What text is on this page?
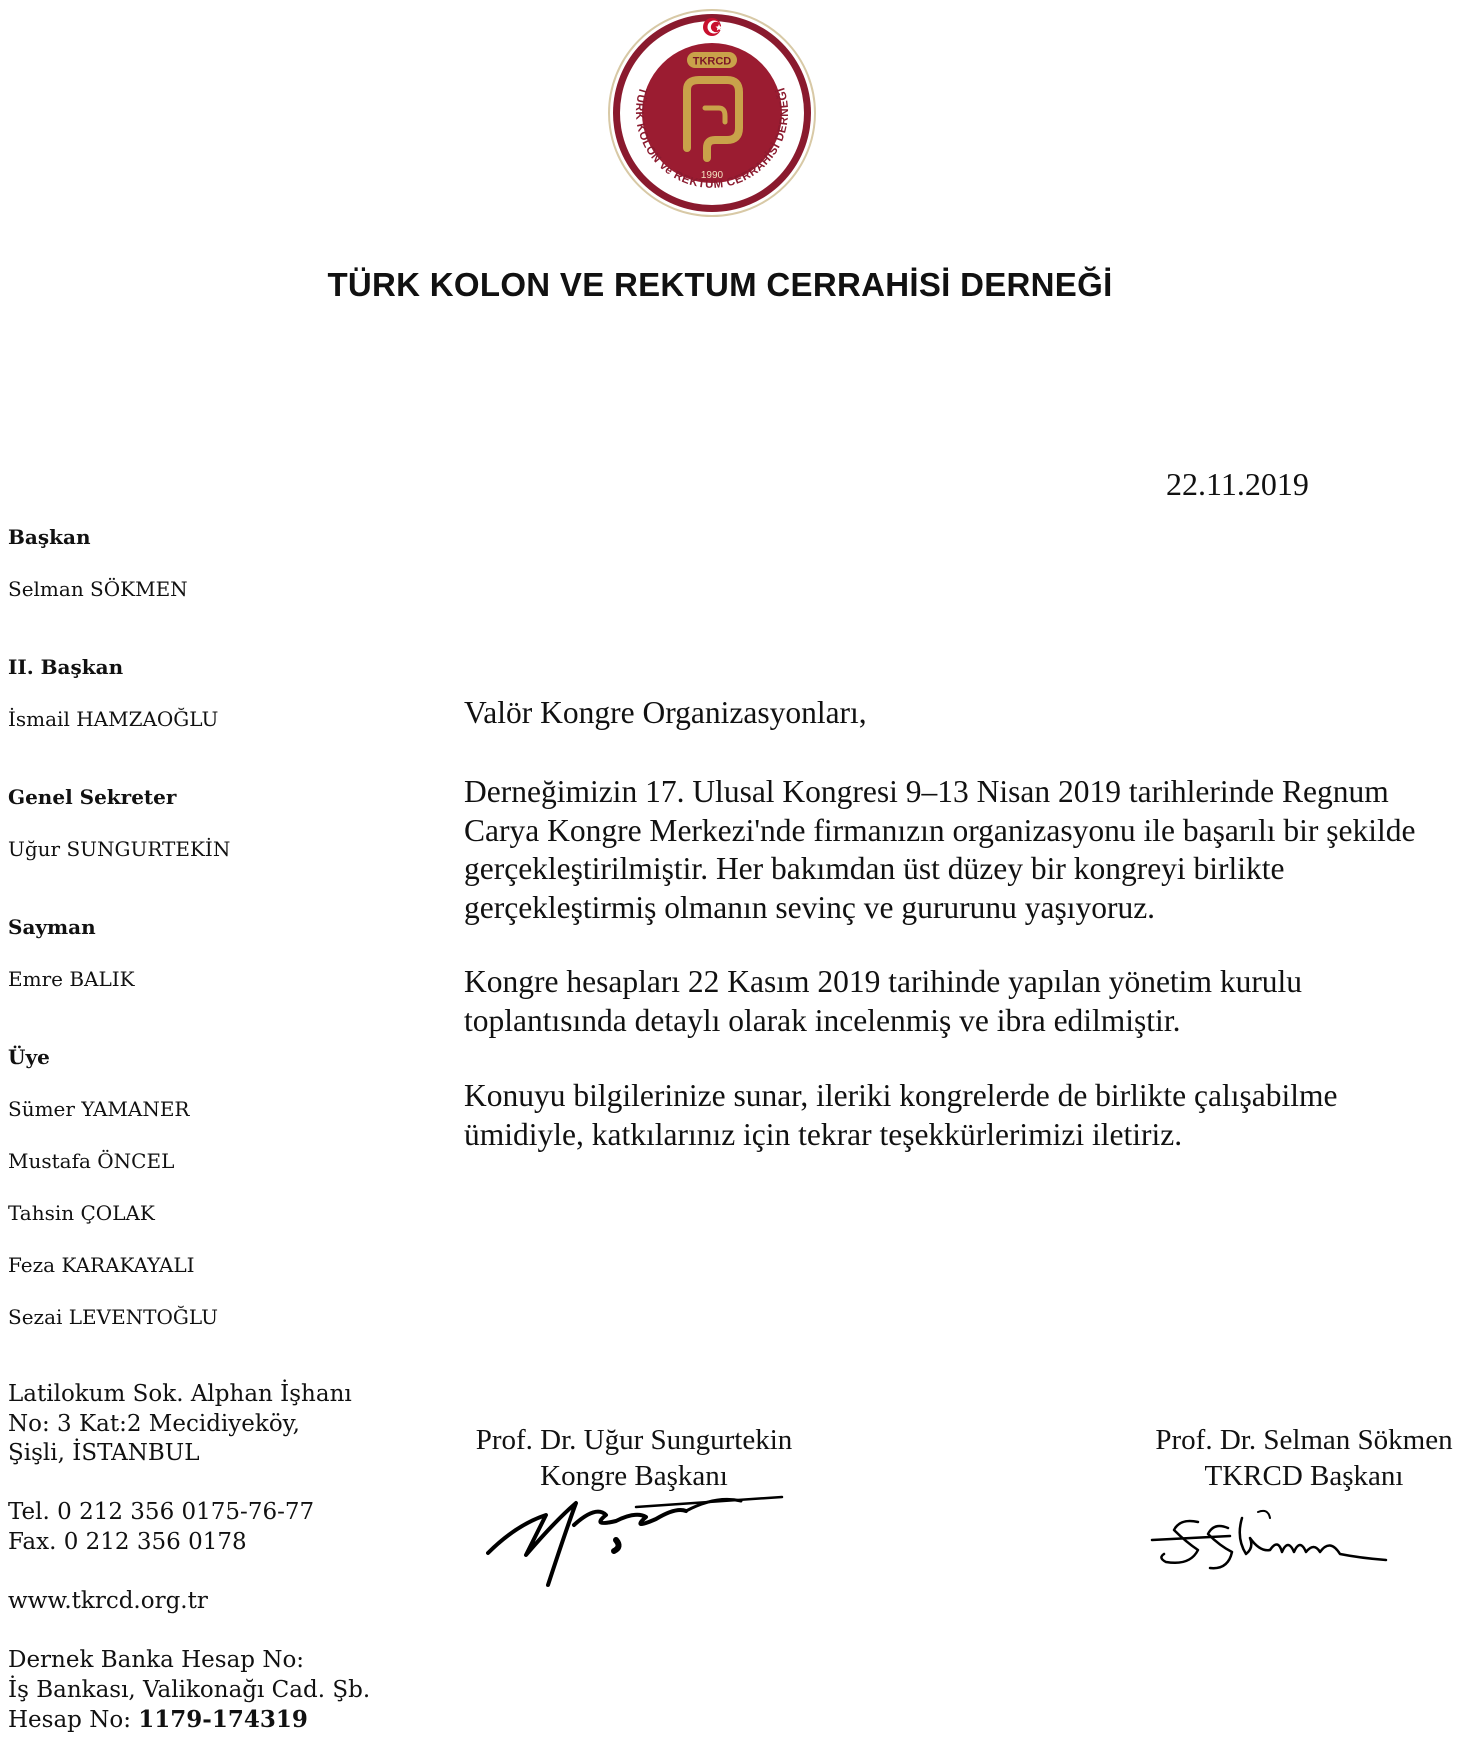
TKRCD
1990
TÜRK KOLON ve REKTUM CERRAHİSİ DERNEĞİ
TÜRK KOLON VE REKTUM CERRAHİSİ DERNEĞİ
22.11.2019
Başkan
Selman SÖKMEN
II. Başkan
İsmail HAMZAOĞLU
Genel Sekreter
Uğur SUNGURTEKİN
Sayman
Emre BALIK
Üye
Sümer YAMANER
Mustafa ÖNCEL
Tahsin ÇOLAK
Feza KARAKAYALI
Sezai LEVENTOĞLU
Valör Kongre Organizasyonları,

Derneğimizin 17. Ulusal Kongresi 9–13 Nisan 2019 tarihlerinde Regnum

Carya Kongre Merkezi'nde firmanızın organizasyonu ile başarılı bir şekilde

gerçekleştirilmiştir. Her bakımdan üst düzey bir kongreyi birlikte

gerçekleştirmiş olmanın sevinç ve gururunu yaşıyoruz.

Kongre hesapları 22 Kasım 2019 tarihinde yapılan yönetim kurulu

toplantısında detaylı olarak incelenmiş ve ibra edilmiştir.

Konuyu bilgilerinize sunar, ileriki kongrelerde de birlikte çalışabilme

ümidiyle, katkılarınız için tekrar teşekkürlerimizi iletiriz.

Latilokum Sok. Alphan İşhanı
No: 3 Kat:2 Mecidiyeköy,
Şişli, İSTANBUL
Tel. 0 212 356 0175-76-77
Fax. 0 212 356 0178
www.tkrcd.org.tr
Dernek Banka Hesap No:
İş Bankası, Valikonağı Cad. Şb.
Hesap No: 1179-174319
Prof. Dr. Uğur Sungurtekin
Kongre Başkanı
Prof. Dr. Selman Sökmen
TKRCD Başkanı
